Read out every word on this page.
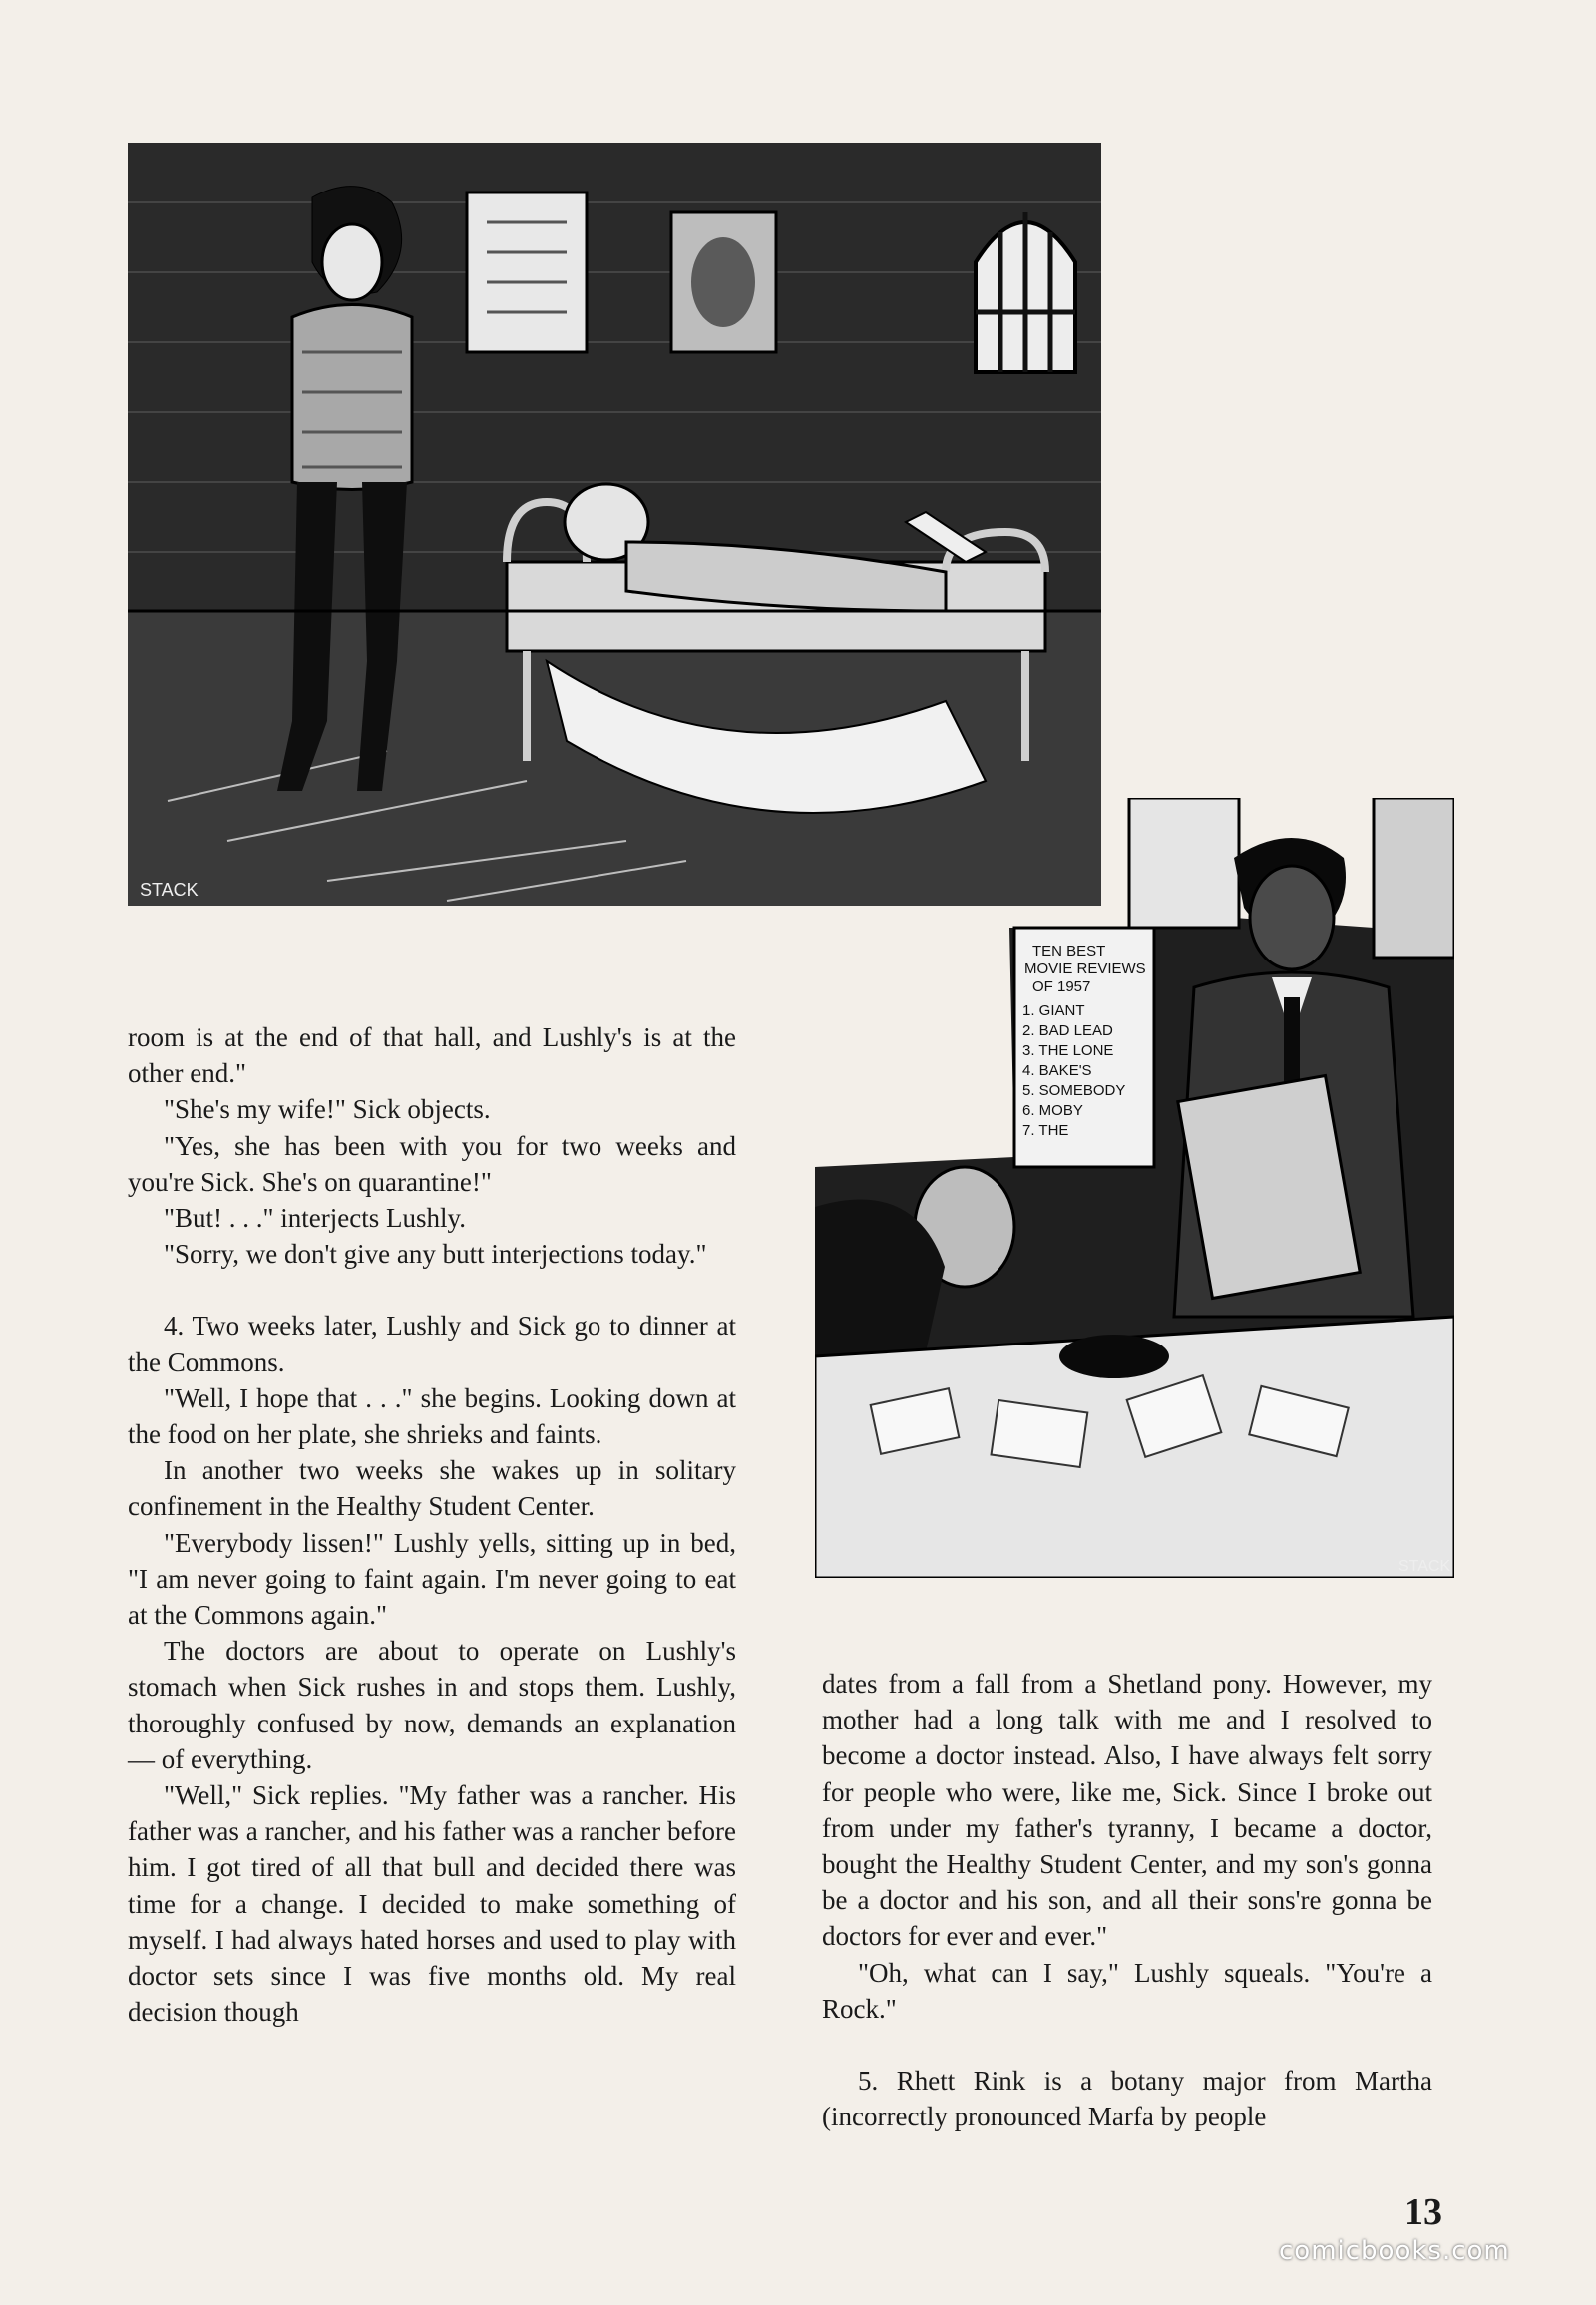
STACK
TEN BEST
MOVIE REVIEWS
OF 1957
1. GIANT
2. BAD LEAD
3. THE LONE
4. BAKE'S
5. SOMEBODY
6. MOBY
7. THE
STACK

room is at the end of that hall, and Lushly's is at the other end."

"She's my wife!" Sick objects.

"Yes, she has been with you for two weeks and you're Sick. She's on quarantine!"

"But! . . ." interjects Lushly.

"Sorry, we don't give any butt interjections today."

4. Two weeks later, Lushly and Sick go to dinner at the Commons.

"Well, I hope that . . ." she begins. Looking down at the food on her plate, she shrieks and faints.

In another two weeks she wakes up in solitary confinement in the Healthy Student Center.

"Everybody lissen!" Lushly yells, sitting up in bed, "I am never going to faint again. I'm never going to eat at the Commons again."

The doctors are about to operate on Lushly's stomach when Sick rushes in and stops them. Lushly, thoroughly confused by now, demands an explanation — of everything.

"Well," Sick replies. "My father was a rancher. His father was a rancher, and his father was a rancher before him. I got tired of all that bull and decided there was time for a change. I decided to make something of myself. I had always hated horses and used to play with doctor sets since I was five months old. My real decision though

dates from a fall from a Shetland pony. However, my mother had a long talk with me and I resolved to become a doctor instead. Also, I have always felt sorry for people who were, like me, Sick. Since I broke out from under my father's tyranny, I became a doctor, bought the Healthy Student Center, and my son's gonna be a doctor and his son, and all their sons're gonna be doctors for ever and ever."

"Oh, what can I say," Lushly squeals. "You're a Rock."

5. Rhett Rink is a botany major from Martha (incorrectly pronounced Marfa by people

13
comicbooks.com
